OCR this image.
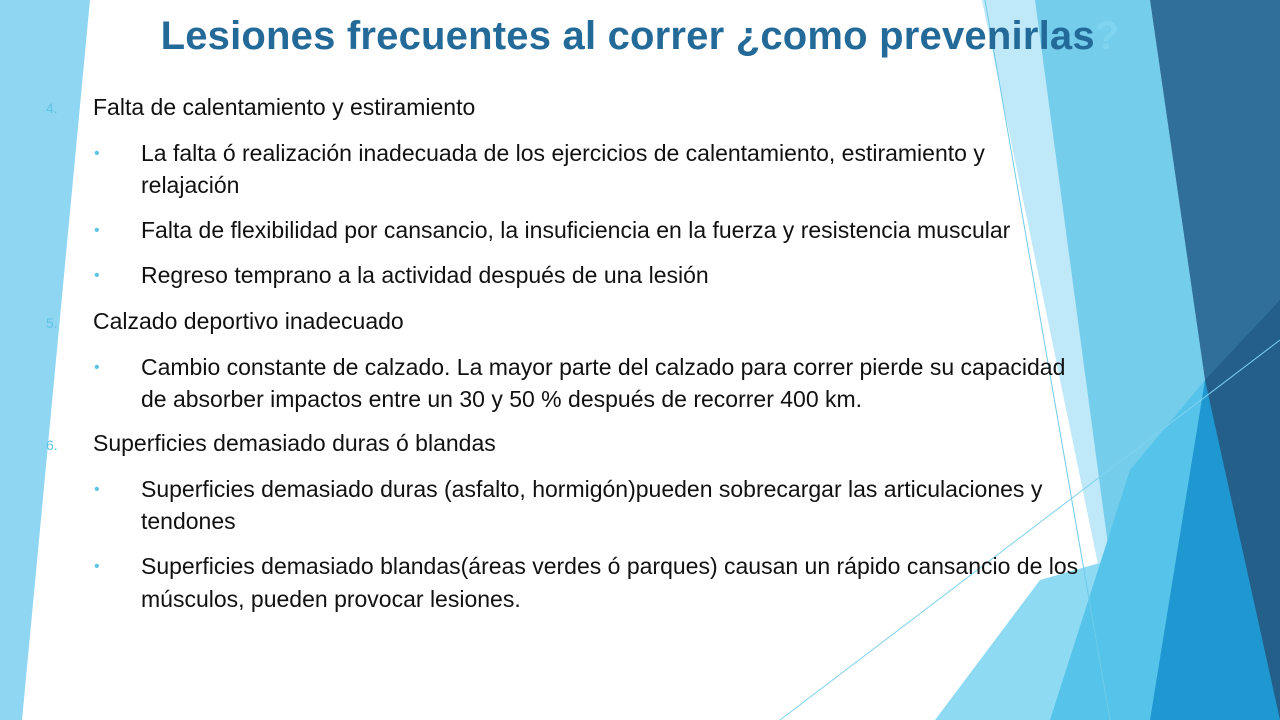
Lesiones frecuentes al correr ¿como prevenirlas?
4. Falta de calentamiento y estiramiento
• La falta ó realización inadecuada de los ejercicios de calentamiento, estiramiento y
relajación
• Falta de flexibilidad por cansancio, la insuficiencia en la fuerza y resistencia muscular
• Regreso temprano a la actividad después de una lesión
5. Calzado deportivo inadecuado
• Cambio constante de calzado. La mayor parte del calzado para correr pierde su capacidad
de absorber impactos entre un 30 y 50 % después de recorrer 400 km.
6. Superficies demasiado duras ó blandas
• Superficies demasiado duras (asfalto, hormigón)pueden sobrecargar las articulaciones y
tendones
• Superficies demasiado blandas(áreas verdes ó parques) causan un rápido cansancio de los
músculos, pueden provocar lesiones.
